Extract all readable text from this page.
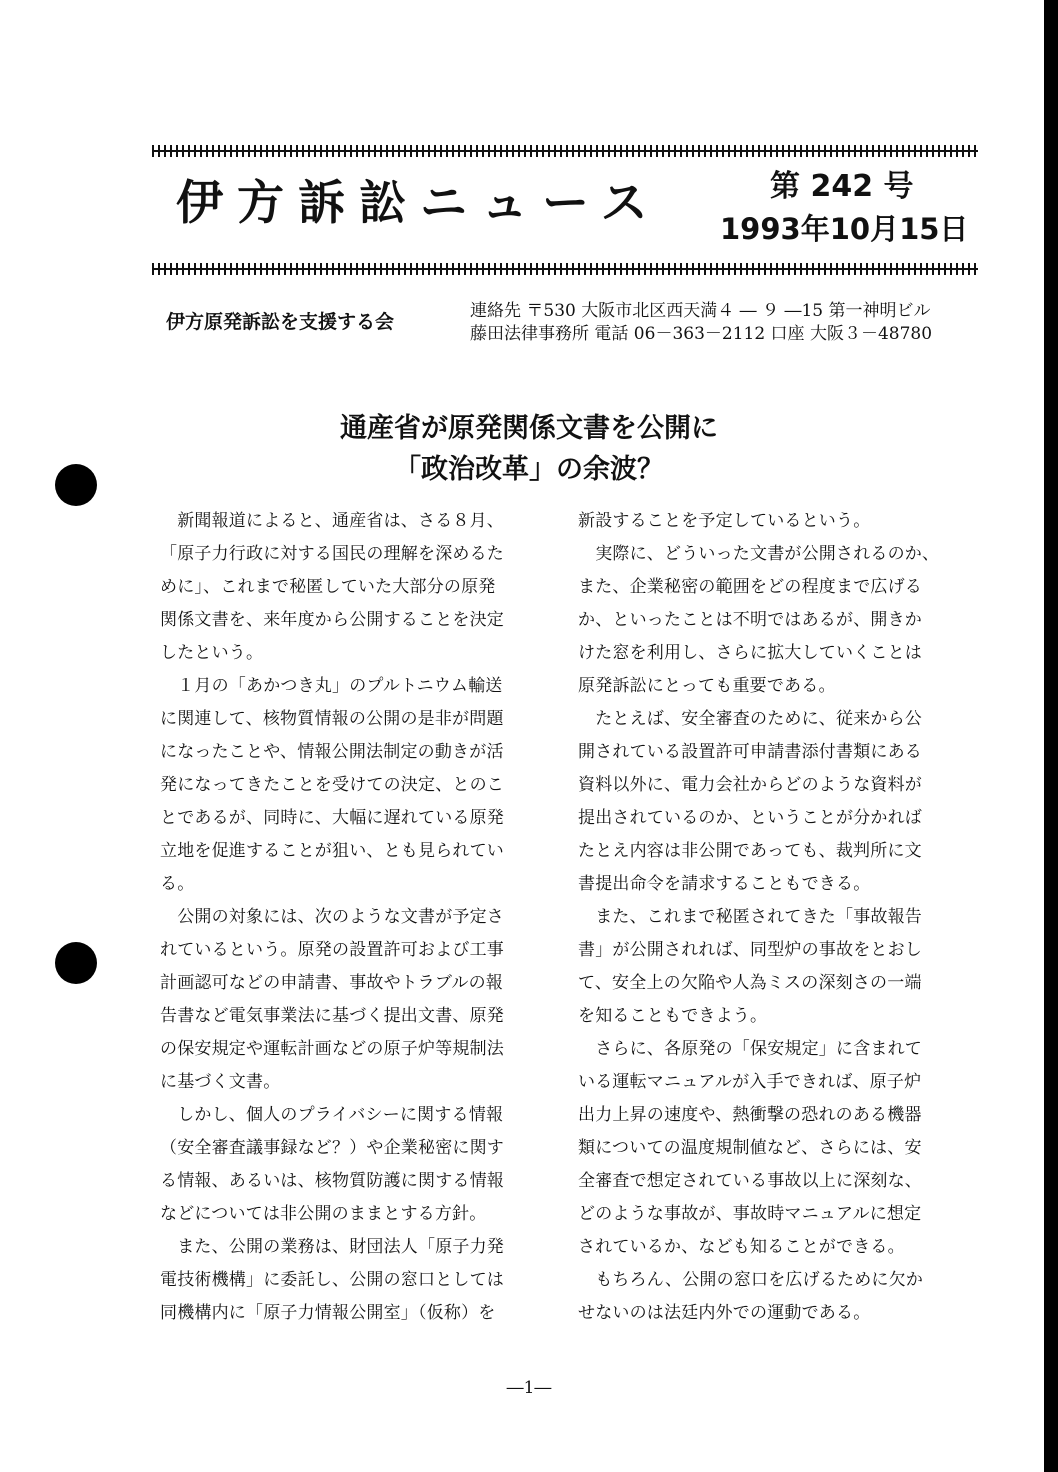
伊方訴訟ニュース	第 242 号
1993年10月15日
伊方原発訴訟を支援する会	連絡先 〒530 大阪市北区西天満４ ― ９ ―15 第一神明ビル
藤田法律事務所 電話 06－363－2112 口座 大阪３－48780
通産省が原発関係文書を公開に
「政治改革」の余波？
　新聞報道によると、通産省は、さる８月、
「原子力行政に対する国民の理解を深めるた
めに」、これまで秘匿していた大部分の原発
関係文書を、来年度から公開することを決定
したという。
　１月の「あかつき丸」のプルトニウム輸送
に関連して、核物質情報の公開の是非が問題
になったことや、情報公開法制定の動きが活
発になってきたことを受けての決定、とのこ
とであるが、同時に、大幅に遅れている原発
立地を促進することが狙い、とも見られてい
る。
　公開の対象には、次のような文書が予定さ
れているという。原発の設置許可および工事
計画認可などの申請書、事故やトラブルの報
告書など電気事業法に基づく提出文書、原発
の保安規定や運転計画などの原子炉等規制法
に基づく文書。
　しかし、個人のプライバシーに関する情報
（安全審査議事録など？）や企業秘密に関す
る情報、あるいは、核物質防護に関する情報
などについては非公開のままとする方針。
　また、公開の業務は、財団法人「原子力発
電技術機構」に委託し、公開の窓口としては
同機構内に「原子力情報公開室」（仮称）を
新設することを予定しているという。
　実際に、どういった文書が公開されるのか、
また、企業秘密の範囲をどの程度まで広げる
か、といったことは不明ではあるが、開きか
けた窓を利用し、さらに拡大していくことは
原発訴訟にとっても重要である。
　たとえば、安全審査のために、従来から公
開されている設置許可申請書添付書類にある
資料以外に、電力会社からどのような資料が
提出されているのか、ということが分かれば
たとえ内容は非公開であっても、裁判所に文
書提出命令を請求することもできる。
　また、これまで秘匿されてきた「事故報告
書」が公開されれば、同型炉の事故をとおし
て、安全上の欠陥や人為ミスの深刻さの一端
を知ることもできよう。
　さらに、各原発の「保安規定」に含まれて
いる運転マニュアルが入手できれば、原子炉
出力上昇の速度や、熱衝撃の恐れのある機器
類についての温度規制値など、さらには、安
全審査で想定されている事故以上に深刻な、
どのような事故が、事故時マニュアルに想定
されているか、なども知ることができる。
　もちろん、公開の窓口を広げるために欠か
せないのは法廷内外での運動である。
―1―
